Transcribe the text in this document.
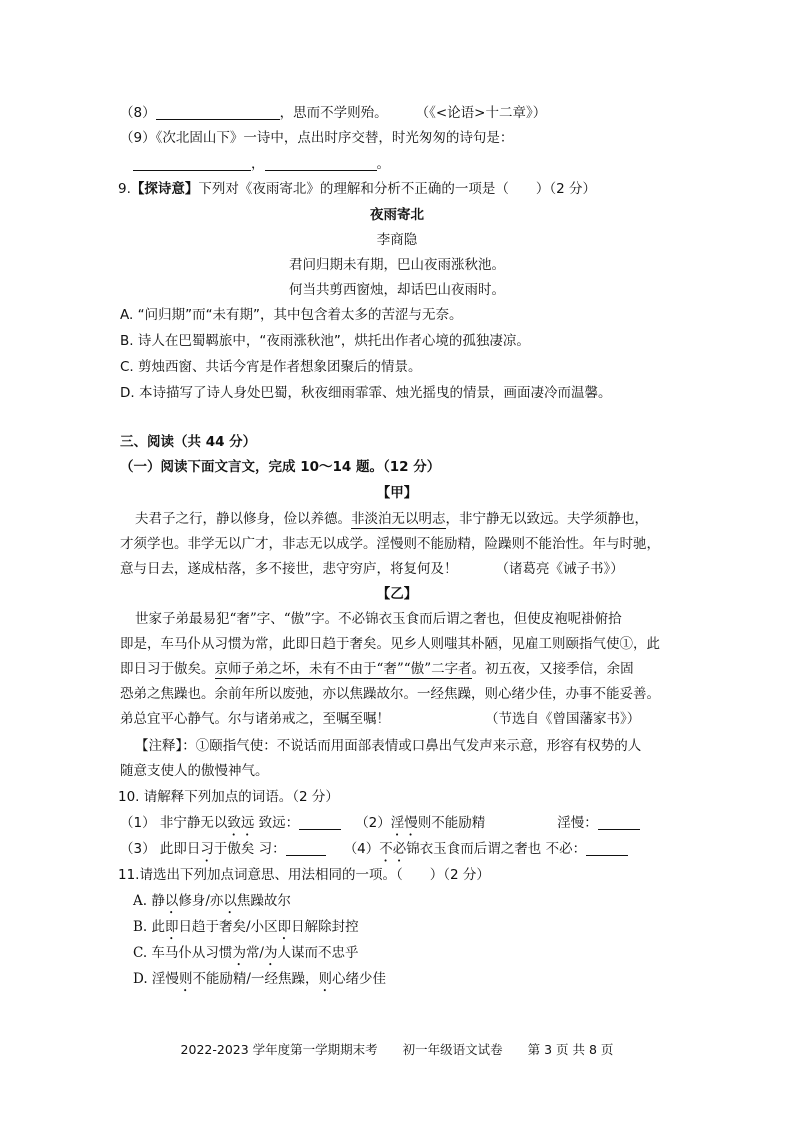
（8）	，思而不学则殆。 （《<论语>十二章》）
（9）《次北固山下》一诗中，点出时序交替，时光匆匆的诗句是：
，	。
9.【探诗意】下列对《夜雨寄北》的理解和分析不正确的一项是（　　）（2 分）
夜雨寄北
李商隐
君问归期未有期，巴山夜雨涨秋池。
何当共剪西窗烛，却话巴山夜雨时。
A. “问归期”而“未有期”，其中包含着太多的苦涩与无奈。
B. 诗人在巴蜀羁旅中，“夜雨涨秋池”，烘托出作者心境的孤独凄凉。
C. 剪烛西窗、共话今宵是作者想象团聚后的情景。
D. 本诗描写了诗人身处巴蜀，秋夜细雨霏霏、烛光摇曳的情景，画面凄冷而温馨。
三、阅读（共 44 分）
（一）阅读下面文言文，完成 10～14 题。（12 分）
【甲】
夫君子之行，静以修身，俭以养德。非淡泊无以明志，非宁静无以致远。夫学须静也，
才须学也。非学无以广才，非志无以成学。淫慢则不能励精，险躁则不能治性。年与时驰，
意与日去，遂成枯落，多不接世，悲守穷庐，将复何及！	（诸葛亮《诫子书》）
【乙】
世家子弟最易犯“奢”字、“傲”字。不必锦衣玉食而后谓之奢也，但使皮袍呢褂俯拾
即是，车马仆从习惯为常，此即日趋于奢矣。见乡人则嗤其朴陋，见雇工则颐指气使①，此
即日习于傲矣。京师子弟之坏，未有不由于“奢”“傲”二字者。初五夜，又接季信，余固
恐弟之焦躁也。余前年所以废弛，亦以焦躁故尔。一经焦躁，则心绪少佳，办事不能妥善。
弟总宜平心静气。尔与诸弟戒之，至嘱至嘱！	（节选自《曾国藩家书》）
【注释】：①颐指气使：不说话而用面部表情或口鼻出气发声来示意，形容有权势的人
随意支使人的傲慢神气。
10. 请解释下列加点的词语。（2 分）
（1） 非宁静无以致远 致远：	（2）淫慢则不能励精	淫慢：
（3） 此即日习于傲矣 习：	（4）不必锦衣玉食而后谓之奢也 不必：
11.请选出下列加点词意思、用法相同的一项。（　　）（2 分）
A. 静以修身/亦以焦躁故尔
B. 此即日趋于奢矣/小区即日解除封控
C. 车马仆从习惯为常/为人谋而不忠乎
D. 淫慢则不能励精/一经焦躁，则心绪少佳
2022-2023 学年度第一学期期末考　　初一年级语文试卷　　第 3 页 共 8 页
